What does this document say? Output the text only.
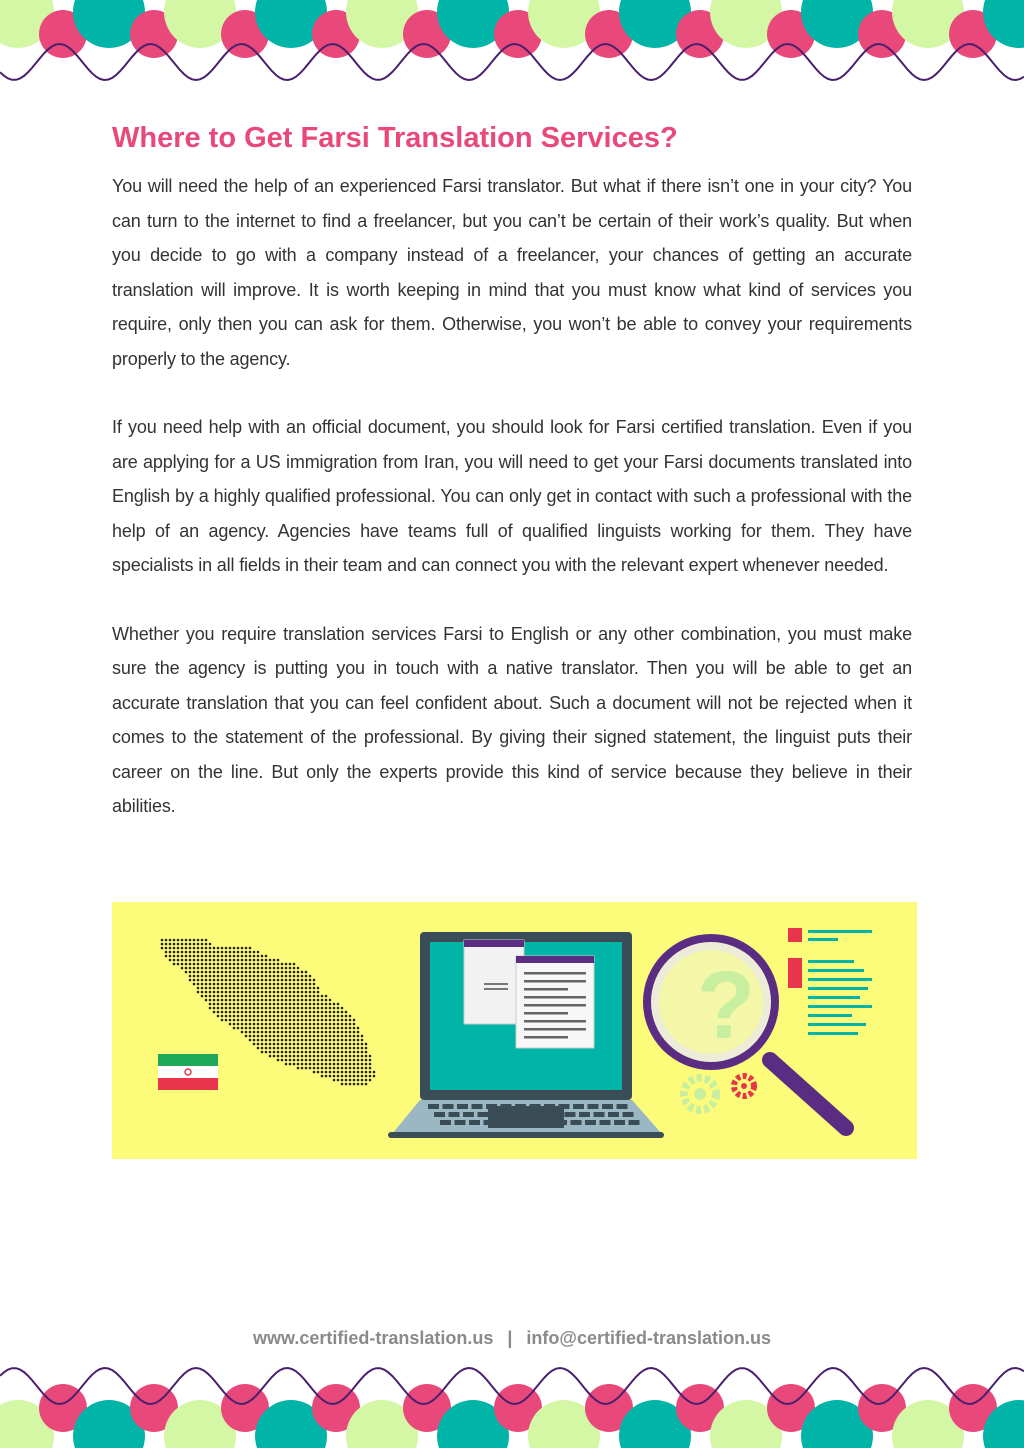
Where to Get Farsi Translation Services?

You will need the help of an experienced Farsi translator. But what if there isn’t one in your city? You can turn to the internet to find a freelancer, but you can’t be certain of their work’s quality. But when you decide to go with a company instead of a freelancer, your chances of getting an accurate translation will improve. It is worth keeping in mind that you must know what kind of services you require, only then you can ask for them. Otherwise, you won’t be able to convey your requirements properly to the agency.

If you need help with an official document, you should look for Farsi certified translation. Even if you are applying for a US immigration from Iran, you will need to get your Farsi documents translated into English by a highly qualified professional. You can only get in contact with such a professional with the help of an agency. Agencies have teams full of qualified linguists working for them. They have specialists in all fields in their team and can connect you with the relevant expert whenever needed.

Whether you require translation services Farsi to English or any other combination, you must make sure the agency is putting you in touch with a native translator. Then you will be able to get an accurate translation that you can feel confident about. Such a document will not be rejected when it comes to the statement of the professional. By giving their signed statement, the linguist puts their career on the line. But only the experts provide this kind of service because they believe in their abilities.

?
www.certified-translation.us | info@certified-translation.us
